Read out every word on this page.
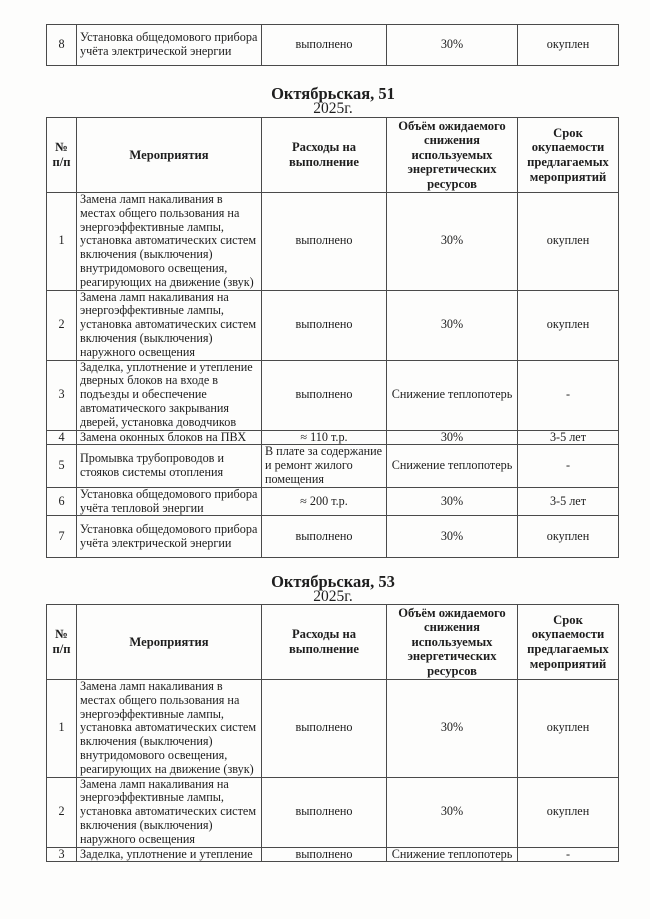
8	Установка общедомового прибора учёта электрической энергии	выполнено	30%	окуплен
Октябрьская, 51
2025г.
№ п/п	Мероприятия	Расходы на выполнение	Объём ожидаемого снижения используемых энергетических ресурсов	Срок окупаемости предлагаемых мероприятий
1	Замена ламп накаливания в местах общего пользования на энергоэффективные лампы, установка автоматических систем включения (выключения) внутридомового освещения, реагирующих на движение (звук)	выполнено	30%	окуплен
2	Замена ламп накаливания на энергоэффективные лампы, установка автоматических систем включения (выключения) наружного освещения	выполнено	30%	окуплен
3	Заделка, уплотнение и утепление дверных блоков на входе в подъезды и обеспечение автоматического закрывания дверей, установка доводчиков	выполнено	Снижение теплопотерь	-
4	Замена оконных блоков на ПВХ	≈ 110 т.р.	30%	3-5 лет
5	Промывка трубопроводов и стояков системы отопления	В плате за содержание и ремонт жилого помещения	Снижение теплопотерь	-
6	Установка общедомового прибора учёта тепловой энергии	≈ 200 т.р.	30%	3-5 лет
7	Установка общедомового прибора учёта электрической энергии	выполнено	30%	окуплен
Октябрьская, 53
2025г.
№ п/п	Мероприятия	Расходы на выполнение	Объём ожидаемого снижения используемых энергетических ресурсов	Срок окупаемости предлагаемых мероприятий
1	Замена ламп накаливания в местах общего пользования на энергоэффективные лампы, установка автоматических систем включения (выключения) внутридомового освещения, реагирующих на движение (звук)	выполнено	30%	окуплен
2	Замена ламп накаливания на энергоэффективные лампы, установка автоматических систем включения (выключения) наружного освещения	выполнено	30%	окуплен
3	Заделка, уплотнение и утепление	выполнено	Снижение теплопотерь	-
